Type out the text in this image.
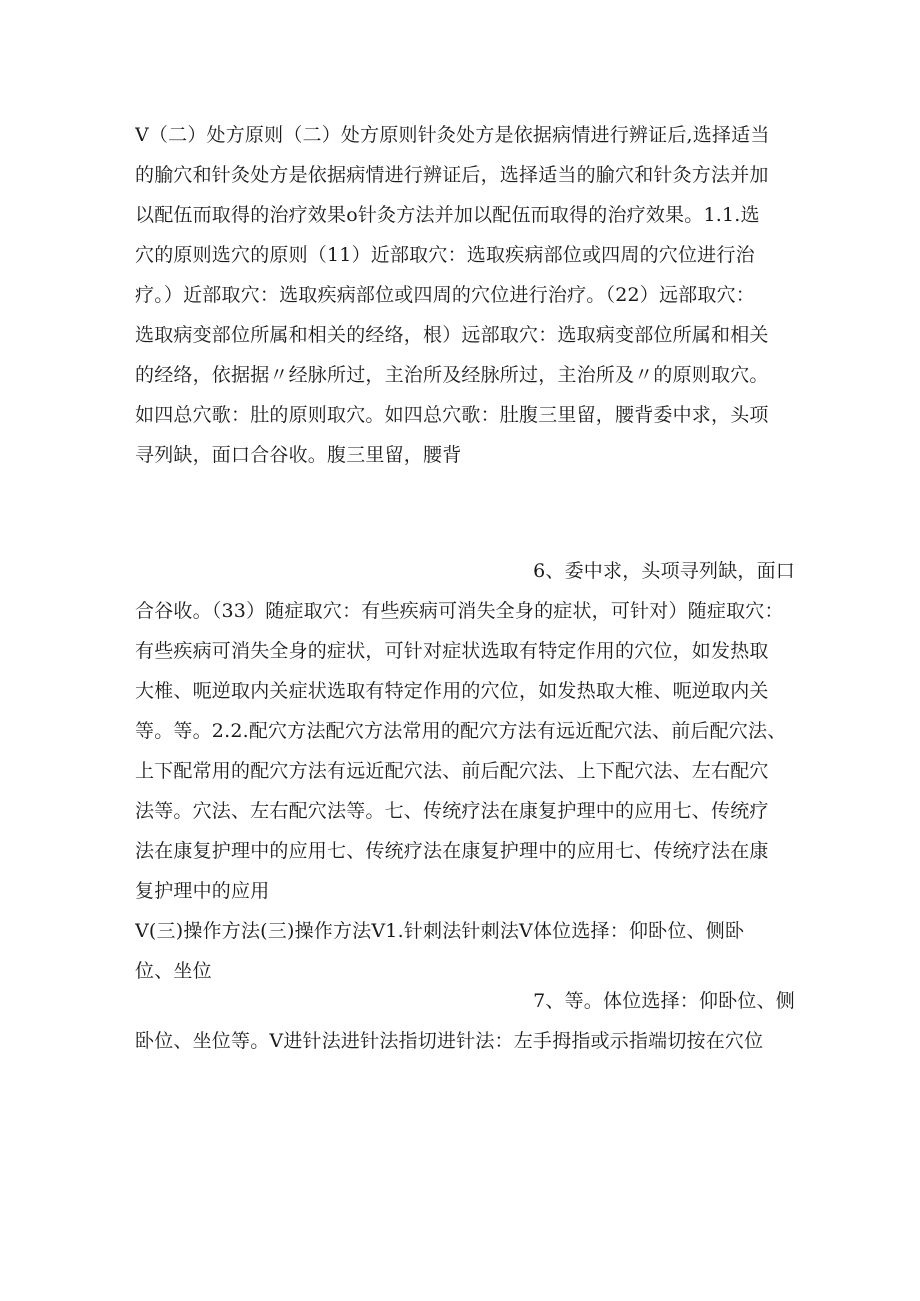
V（二）处方原则（二）处方原则针灸处方是依据病情进行辨证后,选择适当
的腧穴和针灸处方是依据病情进行辨证后，选择适当的腧穴和针灸方法并加
以配伍而取得的治疗效果o针灸方法并加以配伍而取得的治疗效果。1.1.选
穴的原则选穴的原则（11）近部取穴：选取疾病部位或四周的穴位进行治
疗。）近部取穴：选取疾病部位或四周的穴位进行治疗。（22）远部取穴：
选取病变部位所属和相关的经络，根）远部取穴：选取病变部位所属和相关
的经络，依据据〃经脉所过，主治所及经脉所过，主治所及〃的原则取穴。
如四总穴歌：肚的原则取穴。如四总穴歌：肚腹三里留，腰背委中求，头项
寻列缺，面口合谷收。腹三里留，腰背
6、委中求，头项寻列缺，面口
合谷收。（33）随症取穴：有些疾病可消失全身的症状，可针对）随症取穴：
有些疾病可消失全身的症状，可针对症状选取有特定作用的穴位，如发热取
大椎、呃逆取内关症状选取有特定作用的穴位，如发热取大椎、呃逆取内关
等。等。2.2.配穴方法配穴方法常用的配穴方法有远近配穴法、前后配穴法、
上下配常用的配穴方法有远近配穴法、前后配穴法、上下配穴法、左右配穴
法等。穴法、左右配穴法等。七、传统疗法在康复护理中的应用七、传统疗
法在康复护理中的应用七、传统疗法在康复护理中的应用七、传统疗法在康
复护理中的应用
V(三)操作方法(三)操作方法V1.针刺法针刺法V体位选择：仰卧位、侧卧
位、坐位
7、等。体位选择：仰卧位、侧
卧位、坐位等。V进针法进针法指切进针法：左手拇指或示指端切按在穴位
